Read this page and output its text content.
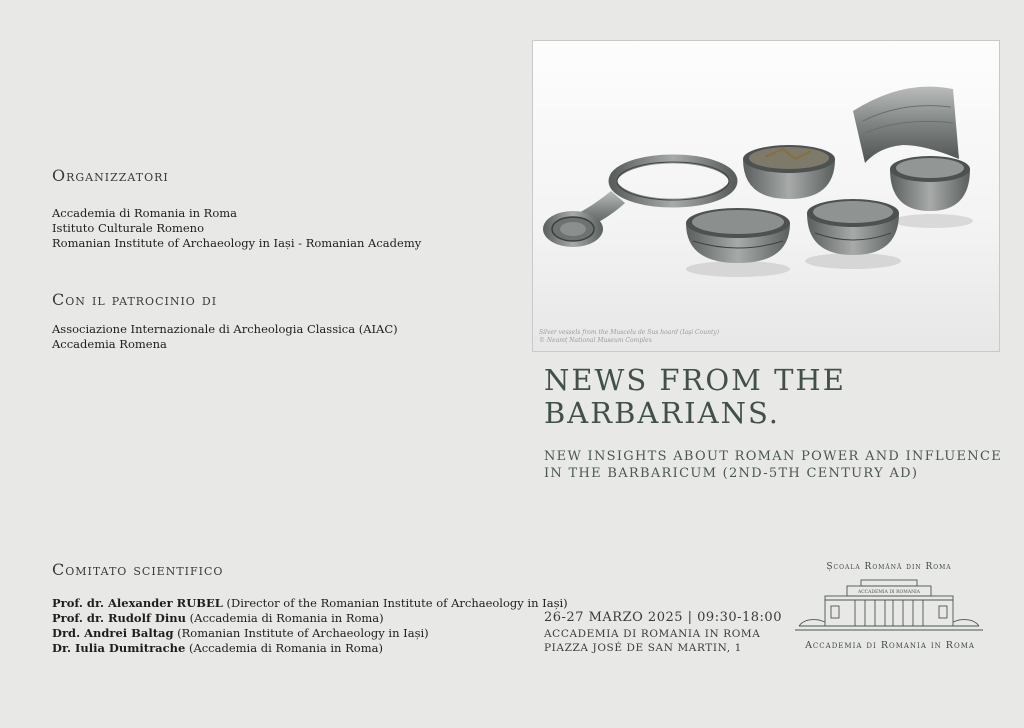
Organizzatori
Accademia di Romania in Roma
Istituto Culturale Romeno
Romanian Institute of Archaeology in Iași - Romanian Academy
Con il patrocinio di
Associazione Internazionale di Archeologia Classica (AIAC)
Accademia Romena
Comitato scientifico
Prof. dr. Alexander RUBEL (Director of the Romanian Institute of Archaeology in Iași)
Prof. dr. Rudolf Dinu (Accademia di Romania in Roma)
Drd. Andrei Baltag (Romanian Institute of Archaeology in Iași)
Dr. Iulia Dumitrache (Accademia di Romania in Roma)
Silver vessels from the Muscelu de Sus hoard (Iași County)
© Neamț National Museum Complex
NEWS FROM THE
BARBARIANS.
NEW INSIGHTS ABOUT ROMAN POWER AND INFLUENCE
IN THE BARBARICUM (2ND-5TH CENTURY AD)
26-27 MARZO 2025 | 09:30-18:00
ACCADEMIA DI ROMANIA IN ROMA
PIAZZA JOSÉ DE SAN MARTIN, 1
Școala Română din Roma
ACCADEMIA DI ROMANIA
Accademia di Romania in Roma
